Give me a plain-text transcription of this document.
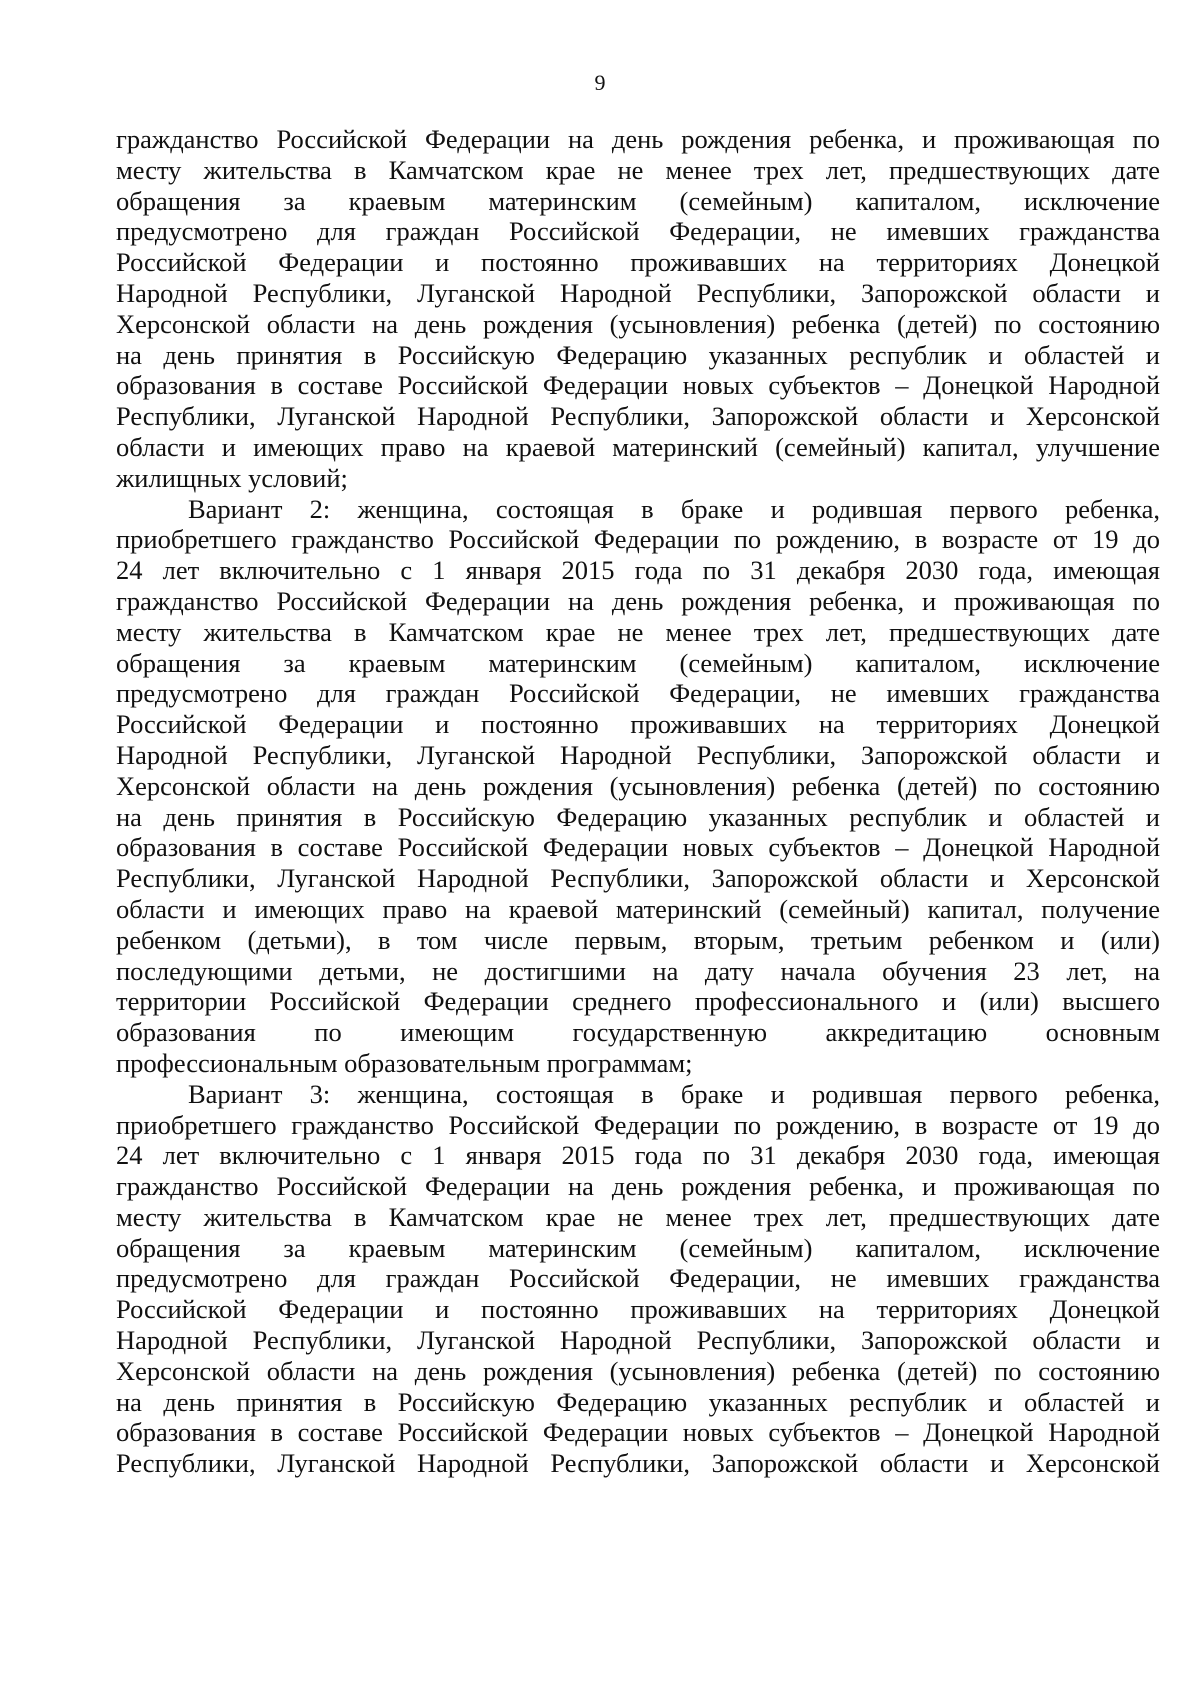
9
гражданство Российской Федерации на день рождения ребенка, и проживающая по
месту жительства в Камчатском крае не менее трех лет, предшествующих дате
обращения за краевым материнским (семейным) капиталом, исключение
предусмотрено для граждан Российской Федерации, не имевших гражданства
Российской Федерации и постоянно проживавших на территориях Донецкой
Народной Республики, Луганской Народной Республики, Запорожской области и
Херсонской области на день рождения (усыновления) ребенка (детей) по состоянию
на день принятия в Российскую Федерацию указанных республик и областей и
образования в составе Российской Федерации новых субъектов – Донецкой Народной
Республики, Луганской Народной Республики, Запорожской области и Херсонской
области и имеющих право на краевой материнский (семейный) капитал, улучшение
жилищных условий;
Вариант 2: женщина, состоящая в браке и родившая первого ребенка,
приобретшего гражданство Российской Федерации по рождению, в возрасте от 19 до
24 лет включительно с 1 января 2015 года по 31 декабря 2030 года, имеющая
гражданство Российской Федерации на день рождения ребенка, и проживающая по
месту жительства в Камчатском крае не менее трех лет, предшествующих дате
обращения за краевым материнским (семейным) капиталом, исключение
предусмотрено для граждан Российской Федерации, не имевших гражданства
Российской Федерации и постоянно проживавших на территориях Донецкой
Народной Республики, Луганской Народной Республики, Запорожской области и
Херсонской области на день рождения (усыновления) ребенка (детей) по состоянию
на день принятия в Российскую Федерацию указанных республик и областей и
образования в составе Российской Федерации новых субъектов – Донецкой Народной
Республики, Луганской Народной Республики, Запорожской области и Херсонской
области и имеющих право на краевой материнский (семейный) капитал, получение
ребенком (детьми), в том числе первым, вторым, третьим ребенком и (или)
последующими детьми, не достигшими на дату начала обучения 23 лет, на
территории Российской Федерации среднего профессионального и (или) высшего
образования по имеющим государственную аккредитацию основным
профессиональным образовательным программам;
Вариант 3: женщина, состоящая в браке и родившая первого ребенка,
приобретшего гражданство Российской Федерации по рождению, в возрасте от 19 до
24 лет включительно с 1 января 2015 года по 31 декабря 2030 года, имеющая
гражданство Российской Федерации на день рождения ребенка, и проживающая по
месту жительства в Камчатском крае не менее трех лет, предшествующих дате
обращения за краевым материнским (семейным) капиталом, исключение
предусмотрено для граждан Российской Федерации, не имевших гражданства
Российской Федерации и постоянно проживавших на территориях Донецкой
Народной Республики, Луганской Народной Республики, Запорожской области и
Херсонской области на день рождения (усыновления) ребенка (детей) по состоянию
на день принятия в Российскую Федерацию указанных республик и областей и
образования в составе Российской Федерации новых субъектов – Донецкой Народной
Республики, Луганской Народной Республики, Запорожской области и Херсонской
